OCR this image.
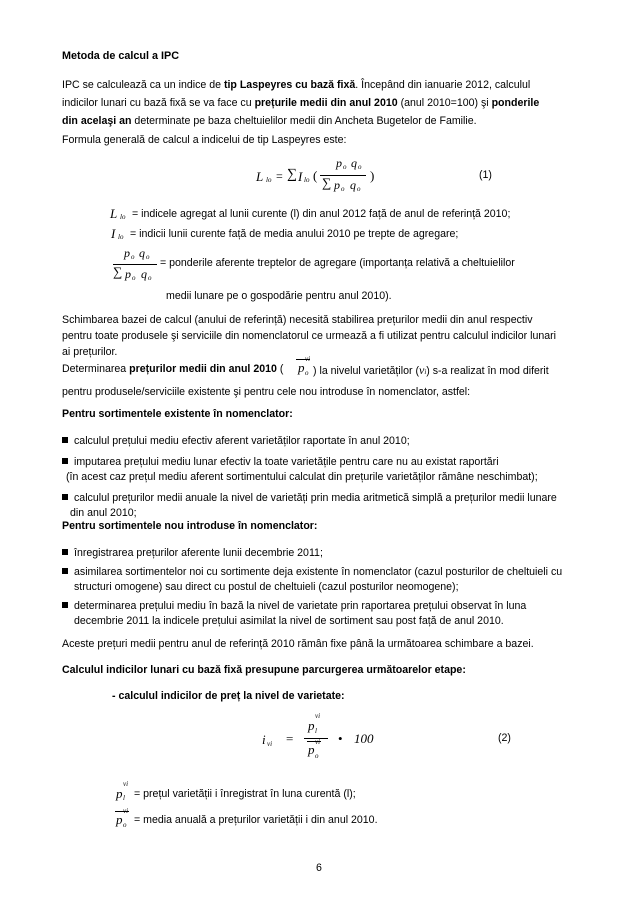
Metoda de calcul a IPC
IPC se calculează ca un indice de tip Laspeyres cu bază fixă. Începând din ianuarie 2012, calculul
indicilor lunari cu bază fixă se va face cu prețurile medii din anul 2010 (anul 2010=100) şi ponderile
din acelaşi an determinate pe baza cheltuielilor medii din Ancheta Bugetelor de Familie.
Formula generală de calcul a indicelui de tip Laspeyres este:
L lo = ∑ I lo (
p o q o
∑ p o q o
)	(1)
L lo = indicele agregat al lunii curente (l) din anul 2012 față de anul de referință 2010;
I lo = indicii lunii curente față de media anului 2010 pe trepte de agregare;
p o q o
∑ p o q o
= ponderile aferente treptelor de agregare (importanța relativă a cheltuielilor
medii lunare pe o gospodărie pentru anul 2010).
Schimbarea bazei de calcul (anului de referință) necesită stabilirea prețurilor medii din anul respectiv
pentru toate produsele şi serviciile din nomenclatorul ce urmează a fi utilizat pentru calculul indicilor lunari
ai prețurilor.
Determinarea prețurilor medii din anul 2010 ( p
vi
o ) la nivelul varietăților (vi) s-a realizat în mod diferit
pentru produsele/serviciile existente şi pentru cele nou introduse în nomenclator, astfel:
Pentru sortimentele existente în nomenclator:
calculul prețului mediu efectiv aferent varietăților raportate în anul 2010;
imputarea prețului mediu lunar efectiv la toate varietățile pentru care nu au existat raportări
(în acest caz prețul mediu aferent sortimentului calculat din prețurile varietăților rămâne neschimbat);
calculul prețurilor medii anuale la nivel de varietăți prin media aritmetică simplă a prețurilor medii lunare
din anul 2010;
Pentru sortimentele nou introduse în nomenclator:
înregistrarea prețurilor aferente lunii decembrie 2011;
asimilarea sortimentelor noi cu sortimente deja existente în nomenclator (cazul posturilor de cheltuieli cu
structuri omogene) sau direct cu postul de cheltuieli (cazul posturilor neomogene);
determinarea prețului mediu în bază la nivel de varietate prin raportarea prețului observat în luna
decembrie 2011 la indicele prețului asimilat la nivel de sortiment sau post față de anul 2010.
Aceste prețuri medii pentru anul de referință 2010 rămân fixe până la următoarea schimbare a bazei.
Calculul indicilor lunari cu bază fixă presupune parcurgerea următoarelor etape:
- calculul indicilor de preț la nivel de varietate:
i vi =
p
vi
l
p vi
o
• 100	(2)
p
vi
l = prețul varietății i înregistrat în luna curentă (l);
p
vi
o = media anuală a prețurilor varietății i din anul 2010.
6
